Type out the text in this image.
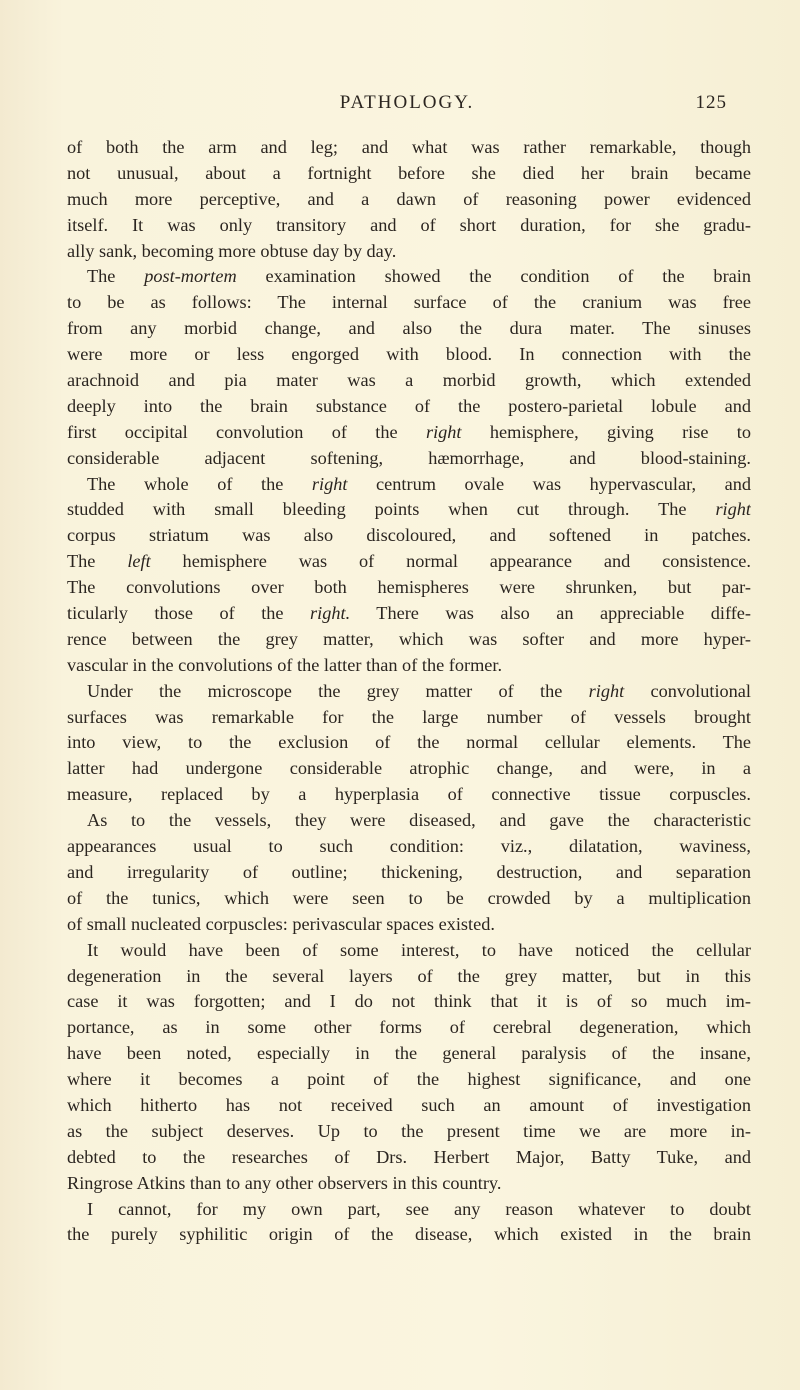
PATHOLOGY.	125
of both the arm and leg; and what was rather remarkable, though
not unusual, about a fortnight before she died her brain became
much more perceptive, and a dawn of reasoning power evidenced
itself. It was only transitory and of short duration, for she gradu-
ally sank, becoming more obtuse day by day.
The post-mortem examination showed the condition of the brain
to be as follows: The internal surface of the cranium was free
from any morbid change, and also the dura mater. The sinuses
were more or less engorged with blood. In connection with the
arachnoid and pia mater was a morbid growth, which extended
deeply into the brain substance of the postero-parietal lobule and
first occipital convolution of the right hemisphere, giving rise to
considerable adjacent softening, hæmorrhage, and blood-staining.
The whole of the right centrum ovale was hypervascular, and
studded with small bleeding points when cut through. The right
corpus striatum was also discoloured, and softened in patches.
The left hemisphere was of normal appearance and consistence.
The convolutions over both hemispheres were shrunken, but par-
ticularly those of the right. There was also an appreciable diffe-
rence between the grey matter, which was softer and more hyper-
vascular in the convolutions of the latter than of the former.
Under the microscope the grey matter of the right convolutional
surfaces was remarkable for the large number of vessels brought
into view, to the exclusion of the normal cellular elements. The
latter had undergone considerable atrophic change, and were, in a
measure, replaced by a hyperplasia of connective tissue corpuscles.
As to the vessels, they were diseased, and gave the characteristic
appearances usual to such condition: viz., dilatation, waviness,
and irregularity of outline; thickening, destruction, and separation
of the tunics, which were seen to be crowded by a multiplication
of small nucleated corpuscles: perivascular spaces existed.
It would have been of some interest, to have noticed the cellular
degeneration in the several layers of the grey matter, but in this
case it was forgotten; and I do not think that it is of so much im-
portance, as in some other forms of cerebral degeneration, which
have been noted, especially in the general paralysis of the insane,
where it becomes a point of the highest significance, and one
which hitherto has not received such an amount of investigation
as the subject deserves. Up to the present time we are more in-
debted to the researches of Drs. Herbert Major, Batty Tuke, and
Ringrose Atkins than to any other observers in this country.
I cannot, for my own part, see any reason whatever to doubt
the purely syphilitic origin of the disease, which existed in the brain
